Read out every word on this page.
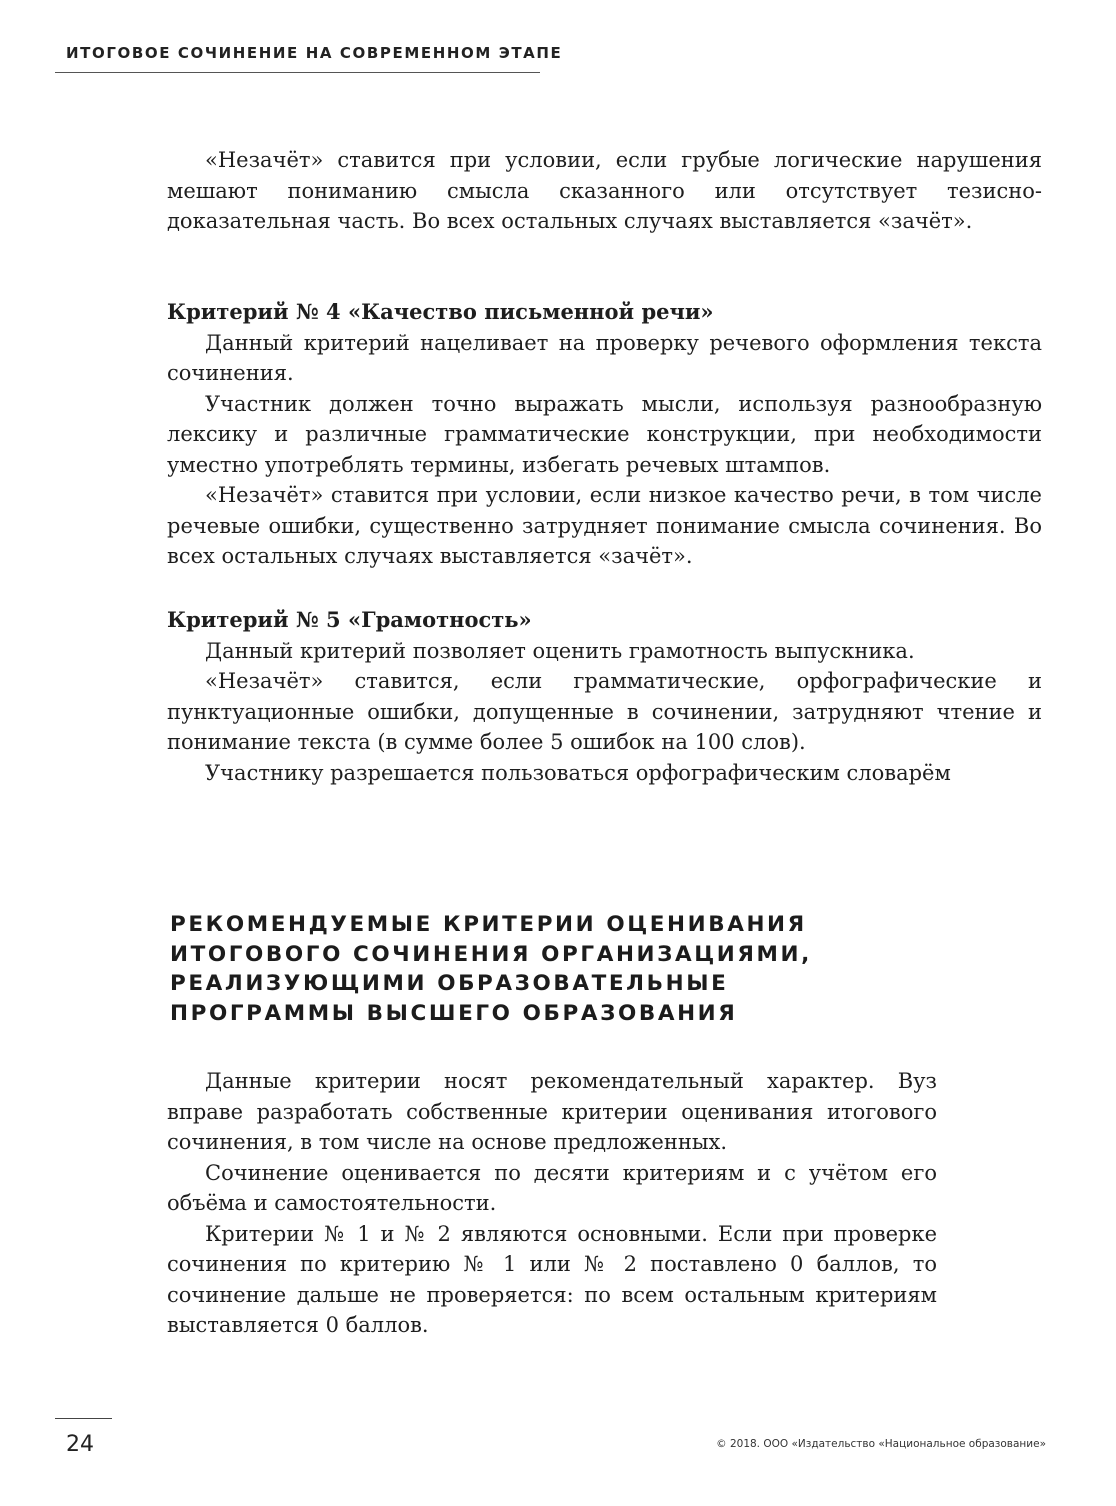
ИТОГОВОЕ СОЧИНЕНИЕ НА СОВРЕМЕННОМ ЭТАПЕ

«Незачёт» ставится при условии, если грубые логические нарушения мешают пониманию смысла сказанного или отсутствует тезисно-доказательная часть. Во всех остальных случаях выставляется «зачёт».

Критерий № 4 «Качество письменной речи»

Данный критерий нацеливает на проверку речевого оформления текста сочинения.

Участник должен точно выражать мысли, используя разнообразную лексику и различные грамматические конструкции, при необходимости уместно употреблять термины, избегать речевых штампов.

«Незачёт» ставится при условии, если низкое качество речи, в том числе речевые ошибки, существенно затрудняет понимание смысла сочинения. Во всех остальных случаях выставляется «зачёт».

Критерий № 5 «Грамотность»

Данный критерий позволяет оценить грамотность выпускника.

«Незачёт» ставится, если грамматические, орфографические и пунктуационные ошибки, допущенные в сочинении, затрудняют чтение и понимание текста (в сумме более 5 ошибок на 100 слов).

Участнику разрешается пользоваться орфографическим словарём

РЕКОМЕНДУЕМЫЕ КРИТЕРИИ ОЦЕНИВАНИЯ
ИТОГОВОГО СОЧИНЕНИЯ ОРГАНИЗАЦИЯМИ,
РЕАЛИЗУЮЩИМИ ОБРАЗОВАТЕЛЬНЫЕ
ПРОГРАММЫ ВЫСШЕГО ОБРАЗОВАНИЯ

Данные критерии носят рекомендательный характер. Вуз вправе разработать собственные критерии оценивания итогового сочинения, в том числе на основе предложенных.

Сочинение оценивается по десяти критериям и с учётом его объёма и самостоятельности.

Критерии № 1 и № 2 являются основными. Если при проверке сочинения по критерию № 1 или № 2 поставлено 0 баллов, то сочинение дальше не проверяется: по всем остальным критериям выставляется 0 баллов.

24	© 2018. ООО «Издательство «Национальное образование»
